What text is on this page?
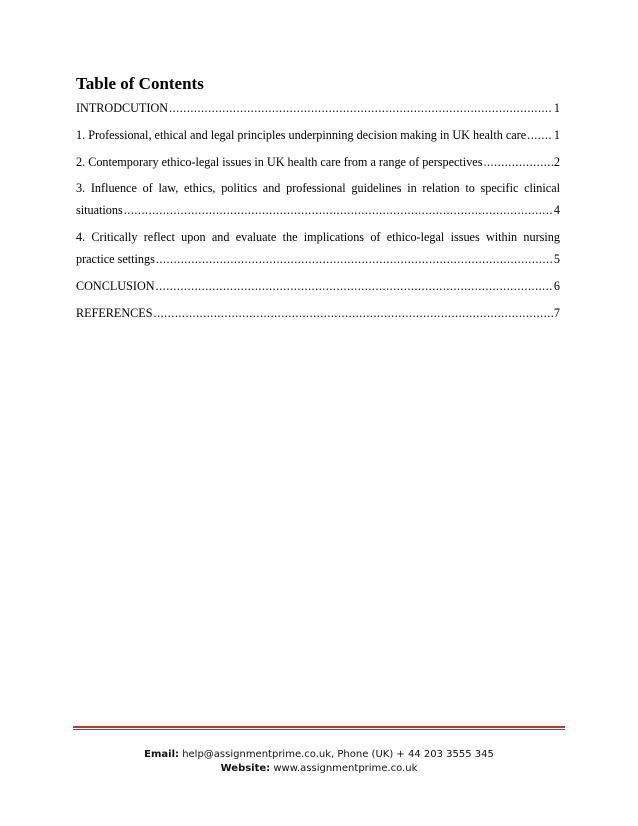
Table of Contents
INTRODCUTION .....	1
1. Professional, ethical and legal principles underpinning decision making in UK health care ..... 1
2. Contemporary ethico-legal issues in UK health care from a range of perspectives .....	2
3. Influence of law, ethics, politics and professional guidelines in relation to specific clinical
situations .....	4
4. Critically reflect upon and evaluate the implications of ethico-legal issues within nursing
practice settings .....	5
CONCLUSION .....	6
REFERENCES .....	7
Email: help@assignmentprime.co.uk, Phone (UK) + 44 203 3555 345
Website: www.assignmentprime.co.uk
